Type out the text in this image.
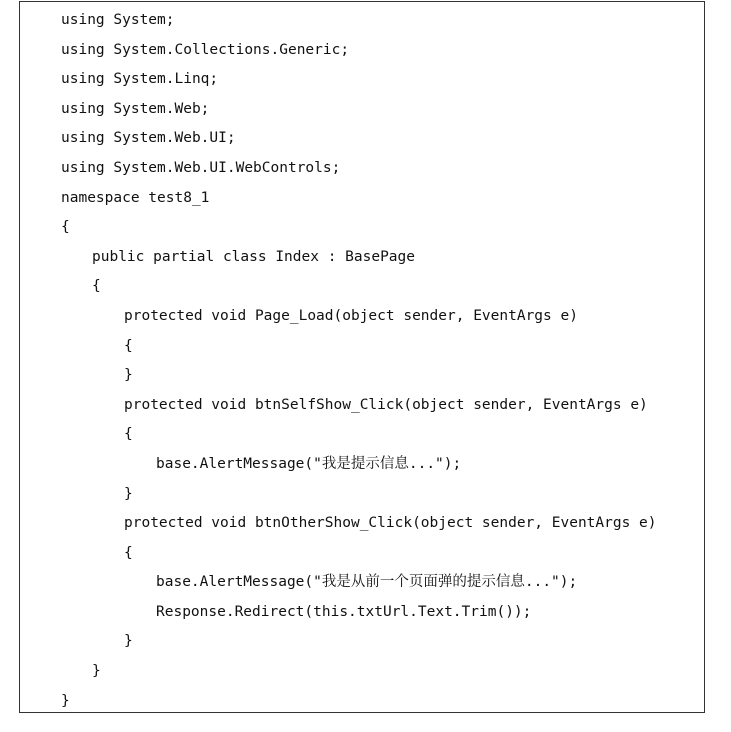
using System;
using System.Collections.Generic;
using System.Linq;
using System.Web;
using System.Web.UI;
using System.Web.UI.WebControls;
namespace test8_1
{
public partial class Index : BasePage
{
protected void Page_Load(object sender, EventArgs e)
{
}
protected void btnSelfShow_Click(object sender, EventArgs e)
{
base.AlertMessage("我是提示信息...");
}
protected void btnOtherShow_Click(object sender, EventArgs e)
{
base.AlertMessage("我是从前一个页面弹的提示信息...");
Response.Redirect(this.txtUrl.Text.Trim());
}
}
}
